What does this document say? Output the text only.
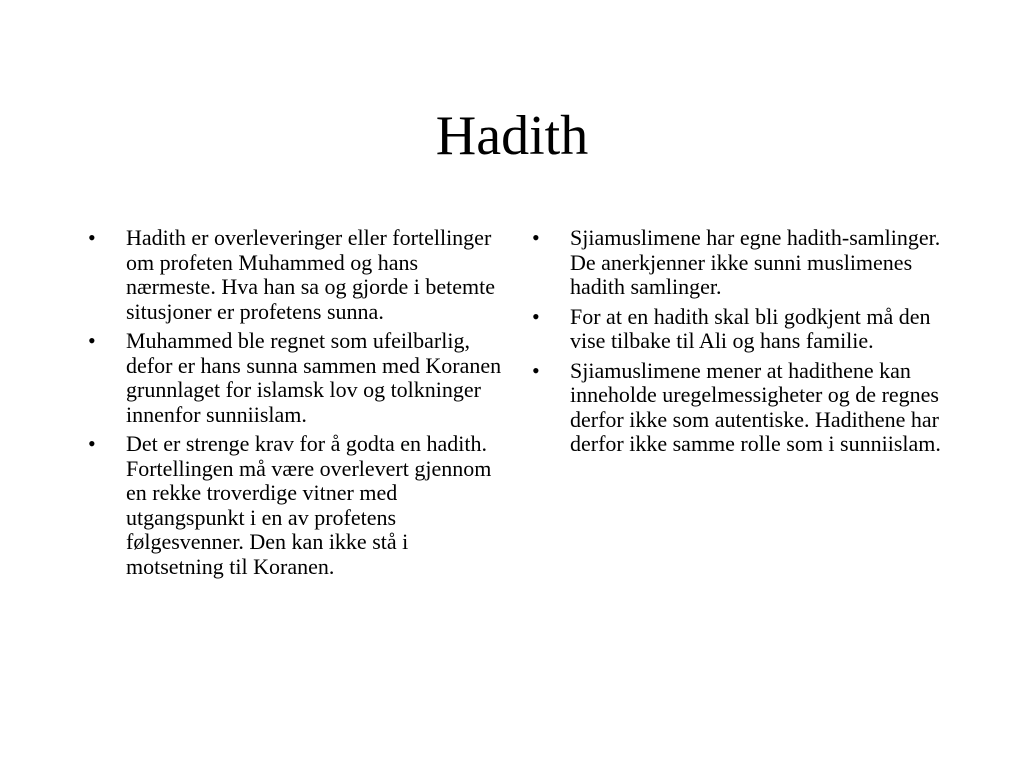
Hadith
• Hadith er overleveringer eller fortellinger om profeten Muhammed og hans nærmeste. Hva han sa og gjorde i betemte situsjoner er profetens sunna.
• Muhammed ble regnet som ufeilbarlig, defor er hans sunna sammen med Koranen grunnlaget for islamsk lov og tolkninger innenfor sunniislam.
• Det er strenge krav for å godta en hadith. Fortellingen må være overlevert gjennom en rekke troverdige vitner med utgangspunkt i en av profetens følgesvenner. Den kan ikke stå i motsetning til Koranen.
• Sjiamuslimene har egne hadith-samlinger. De anerkjenner ikke sunni muslimenes hadith samlinger.
• For at en hadith skal bli godkjent må den vise tilbake til Ali og hans familie.
• Sjiamuslimene mener at hadithene kan inneholde uregelmessigheter og de regnes derfor ikke som autentiske. Hadithene har derfor ikke samme rolle som i sunniislam.
